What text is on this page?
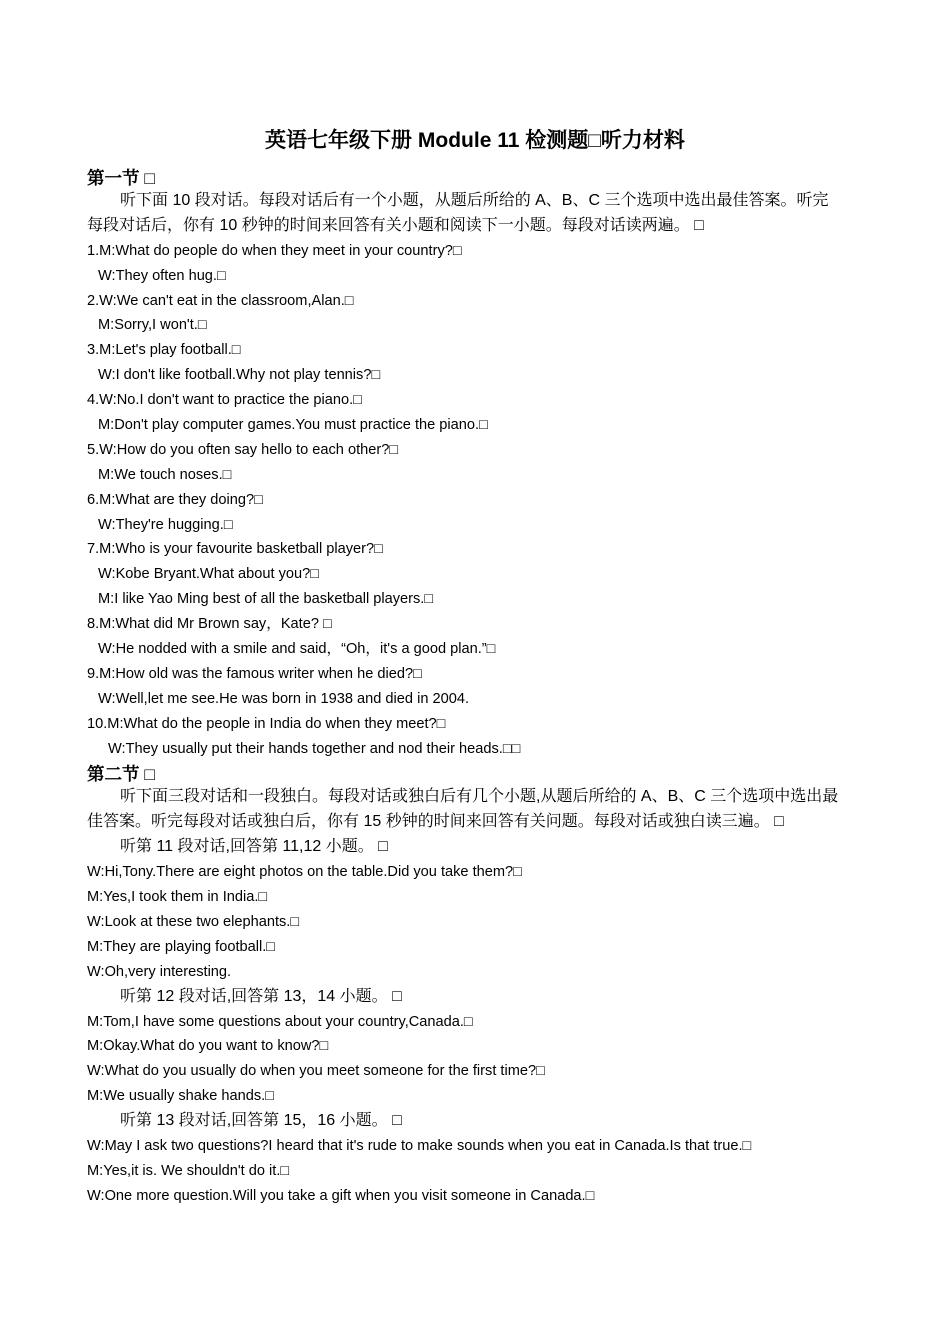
英语七年级下册 Module 11 检测题□听力材料
第一节 □
听下面 10 段对话。每段对话后有一个小题，从题后所给的 A、B、C 三个选项中选出最佳答案。听完
每段对话后，你有 10 秒钟的时间来回答有关小题和阅读下一小题。每段对话读两遍。 □
1.M:What do people do when they meet in your country?□
W:They often hug.□
2.W:We can't eat in the classroom,Alan.□
M:Sorry,I won't.□
3.M:Let's play football.□
W:I don't like football.Why not play tennis?□
4.W:No.I don't want to practice the piano.□
M:Don't play computer games.You must practice the piano.□
5.W:How do you often say hello to each other?□
M:We touch noses.□
6.M:What are they doing?□
W:They're hugging.□
7.M:Who is your favourite basketball player?□
W:Kobe Bryant.What about you?□
M:I like Yao Ming best of all the basketball players.□
8.M:What did Mr Brown say，Kate? □
W:He nodded with a smile and said，“Oh，it's a good plan.”□
9.M:How old was the famous writer when he died?□
W:Well,let me see.He was born in 1938 and died in 2004.
10.M:What do the people in India do when they meet?□
W:They usually put their hands together and nod their heads.□□
第二节 □
听下面三段对话和一段独白。每段对话或独白后有几个小题,从题后所给的 A、B、C 三个选项中选出最
佳答案。听完每段对话或独白后，你有 15 秒钟的时间来回答有关问题。每段对话或独白读三遍。 □
听第 11 段对话,回答第 11,12 小题。 □
W:Hi,Tony.There are eight photos on the table.Did you take them?□
M:Yes,I took them in India.□
W:Look at these two elephants.□
M:They are playing football.□
W:Oh,very interesting.
听第 12 段对话,回答第 13，14 小题。 □
M:Tom,I have some questions about your country,Canada.□
M:Okay.What do you want to know?□
W:What do you usually do when you meet someone for the first time?□
M:We usually shake hands.□
听第 13 段对话,回答第 15，16 小题。 □
W:May I ask two questions?I heard that it's rude to make sounds when you eat in Canada.Is that true.□
M:Yes,it is. We shouldn't do it.□
W:One more question.Will you take a gift when you visit someone in Canada.□
